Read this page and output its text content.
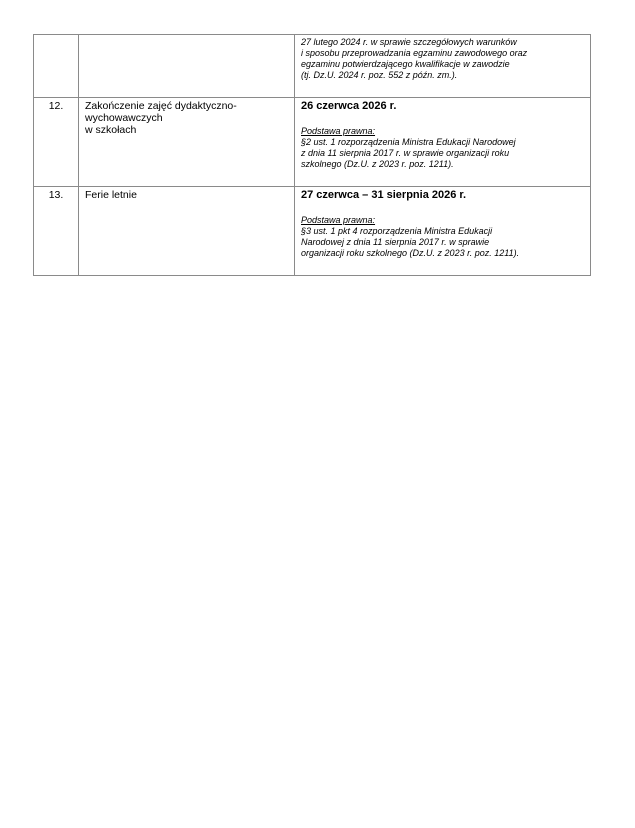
		27 lutego 2024 r. w sprawie szczegółowych warunków
i sposobu przeprowadzania egzaminu zawodowego oraz
egzaminu potwierdzającego kwalifikacje w zawodzie
(tj. Dz.U. 2024 r. poz. 552 z późn. zm.).

12.	Zakończenie zajęć dydaktyczno-
wychowawczych
w szkołach	26 czerwca 2026 r.
Podstawa prawna:
§2 ust. 1 rozporządzenia Ministra Edukacji Narodowej
z dnia 11 sierpnia 2017 r. w sprawie organizacji roku
szkolnego (Dz.U. z 2023 r. poz. 1211).

13.	Ferie letnie	27 czerwca – 31 sierpnia 2026 r.
Podstawa prawna:
§3 ust. 1 pkt 4 rozporządzenia Ministra Edukacji
Narodowej z dnia 11 sierpnia 2017 r. w sprawie
organizacji roku szkolnego (Dz.U. z 2023 r. poz. 1211).
